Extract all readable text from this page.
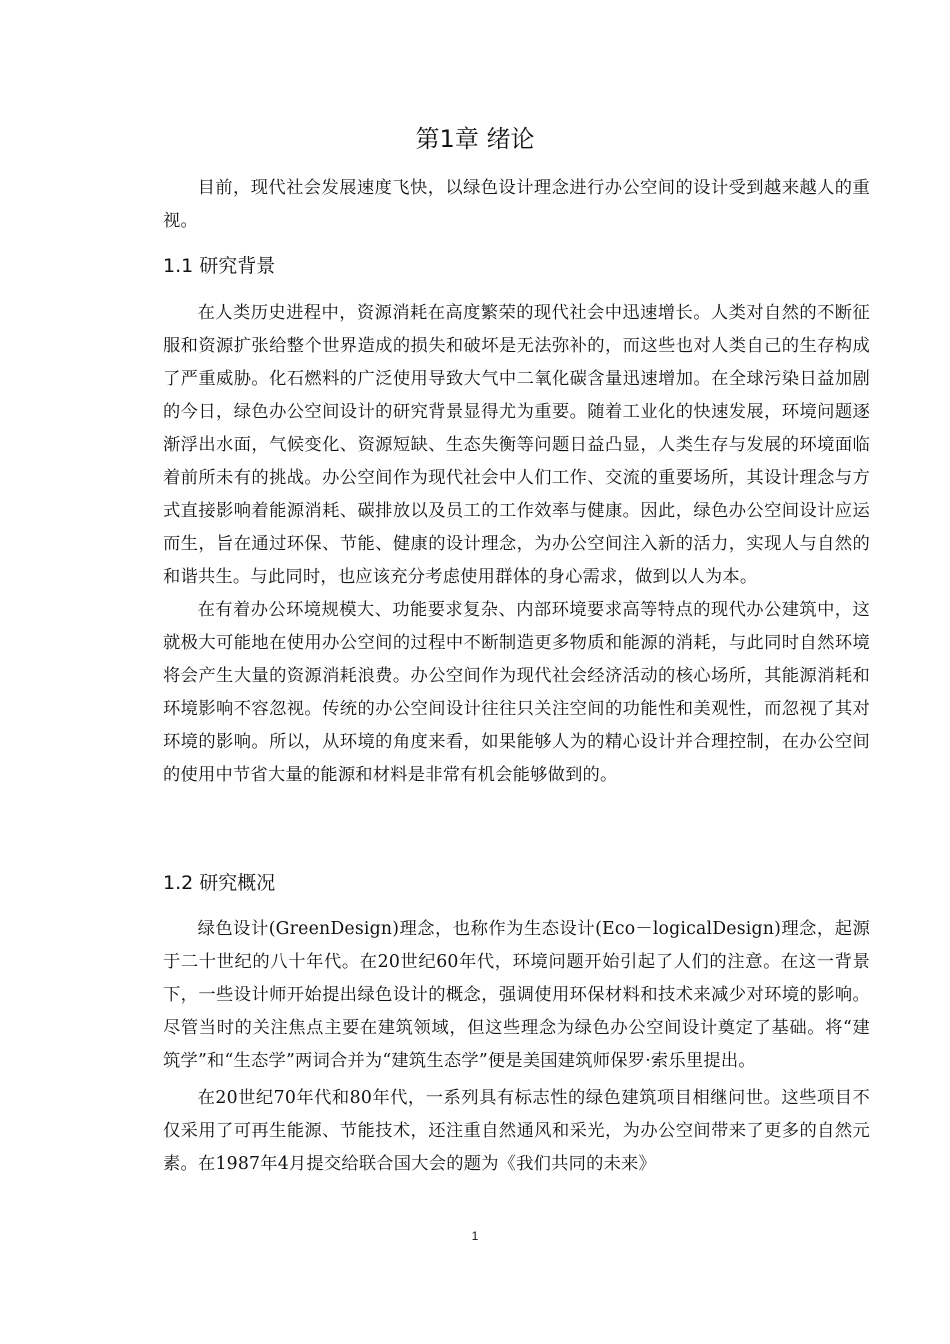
第1章 绪论

目前，现代社会发展速度飞快，以绿色设计理念进行办公空间的设计受到越来越人的重视。

1.1 研究背景

在人类历史进程中，资源消耗在高度繁荣的现代社会中迅速增长。人类对自然的不断征服和资源扩张给整个世界造成的损失和破坏是无法弥补的，而这些也对人类自己的生存构成了严重威胁。化石燃料的广泛使用导致大气中二氧化碳含量迅速增加。在全球污染日益加剧的今日，绿色办公空间设计的研究背景显得尤为重要。随着工业化的快速发展，环境问题逐渐浮出水面，气候变化、资源短缺、生态失衡等问题日益凸显，人类生存与发展的环境面临着前所未有的挑战。办公空间作为现代社会中人们工作、交流的重要场所，其设计理念与方式直接影响着能源消耗、碳排放以及员工的工作效率与健康。因此，绿色办公空间设计应运而生，旨在通过环保、节能、健康的设计理念，为办公空间注入新的活力，实现人与自然的和谐共生。与此同时，也应该充分考虑使用群体的身心需求，做到以人为本。

在有着办公环境规模大、功能要求复杂、内部环境要求高等特点的现代办公建筑中，这就极大可能地在使用办公空间的过程中不断制造更多物质和能源的消耗，与此同时自然环境将会产生大量的资源消耗浪费。办公空间作为现代社会经济活动的核心场所，其能源消耗和环境影响不容忽视。传统的办公空间设计往往只关注空间的功能性和美观性，而忽视了其对环境的影响。所以，从环境的角度来看，如果能够人为的精心设计并合理控制，在办公空间的使用中节省大量的能源和材料是非常有机会能够做到的。

1.2 研究概况

绿色设计(GreenDesign)理念，也称作为生态设计(Eco－logicalDesign)理念，起源于二十世纪的八十年代。在20世纪60年代，环境问题开始引起了人们的注意。在这一背景下，一些设计师开始提出绿色设计的概念，强调使用环保材料和技术来减少对环境的影响。尽管当时的关注焦点主要在建筑领域，但这些理念为绿色办公空间设计奠定了基础。将“建筑学”和“生态学”两词合并为“建筑生态学”便是美国建筑师保罗·索乐里提出。

在20世纪70年代和80年代，一系列具有标志性的绿色建筑项目相继问世。这些项目不仅采用了可再生能源、节能技术，还注重自然通风和采光，为办公空间带来了更多的自然元素。在1987年4月提交给联合国大会的题为《我们共同的未来》

1
